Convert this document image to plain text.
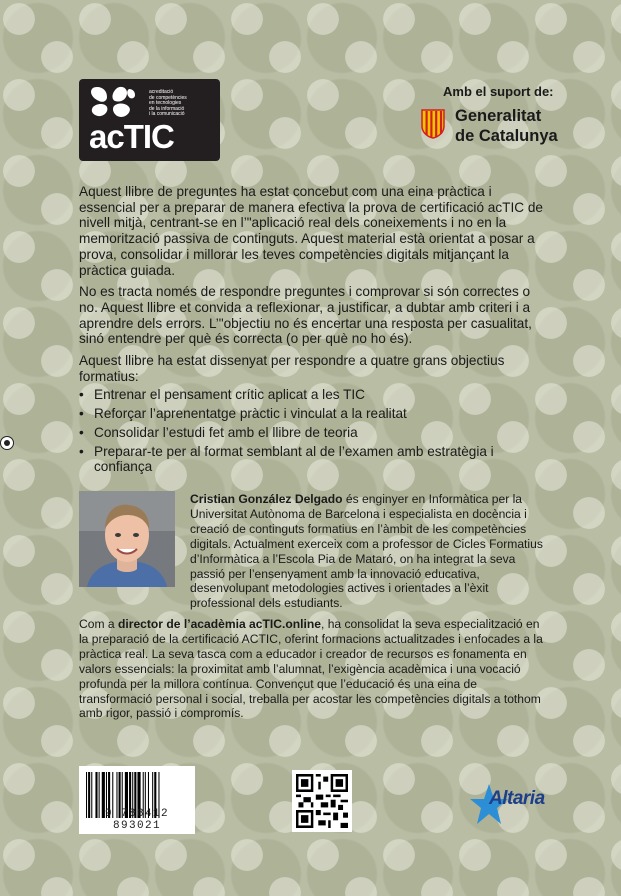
acreditació
de competències
en tecnologies
de la informació
i la comunicació
acTIC
Amb el suport de:
Generalitat
de Catalunya

Aquest llibre de preguntes ha estat concebut com una eina pràctica i essencial per a preparar de manera efectiva la prova de certificació acTIC de nivell mitjà, centrant-se en l’"aplicació real dels coneixements i no en la memorització passiva de continguts. Aquest material està orientat a posar a prova, consolidar i millorar les teves competències digitals mitjançant la pràctica guiada.

No es tracta només de respondre preguntes i comprovar si són correctes o no. Aquest llibre et convida a reflexionar, a justificar, a dubtar amb criteri i a aprendre dels errors. L’"objectiu no és encertar una resposta per casualitat, sinó entendre per què és correcta (o per què no ho és).

Aquest llibre ha estat dissenyat per respondre a quatre grans objectius formatius:

• Entrenar el pensament crític aplicat a les TIC
• Reforçar l’aprenentatge pràctic i vinculat a la realitat
• Consolidar l’estudi fet amb el llibre de teoria
• Preparar-te per al format semblant al de l’examen amb estratègia i confiança
Cristian González Delgado és enginyer en Informàtica per la Universitat Autònoma de Barcelona i especialista en docència i creació de continguts formatius en l’àmbit de les competències digitals. Actualment exerceix com a professor de Cicles Formatius d’Informàtica a l’Escola Pia de Mataró, on ha integrat la seva passió per l’ensenyament amb la innovació educativa, desenvolupant metodologies actives i orientades a l’èxit professional dels estudiants.
Com a director de l’acadèmia acTIC.online, ha consolidat la seva especialització en la preparació de la certificació ACTIC, oferint formacions actualitzades i enfocades a la pràctica real. La seva tasca com a educador i creador de recursos es fonamenta en valors essencials: la proximitat amb l’alumnat, l’exigència acadèmica i una vocació profunda per la millora contínua. Convençut que l’educació és una eina de transformació personal i social, treballa per acostar les competències digitals a tothom amb rigor, passió i compromís.
9 788412 893021
Altaria
